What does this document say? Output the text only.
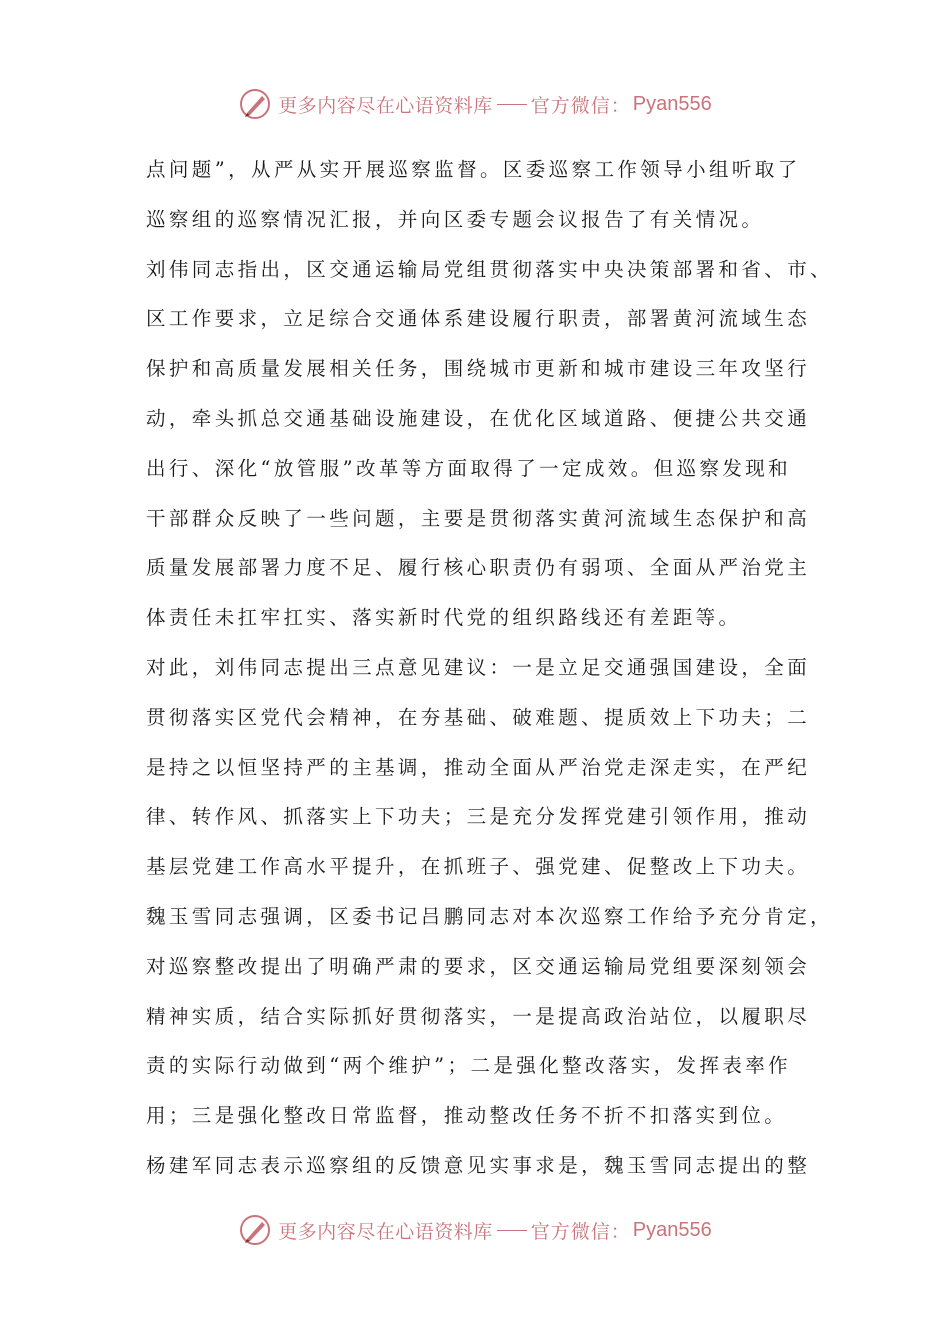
更多内容尽在心语资料库 官方微信： Pyan556
点问题”，从严从实开展巡察监督。区委巡察工作领导小组听取了
巡察组的巡察情况汇报，并向区委专题会议报告了有关情况。
刘伟同志指出，区交通运输局党组贯彻落实中央决策部署和省、市、
区工作要求，立足综合交通体系建设履行职责，部署黄河流域生态
保护和高质量发展相关任务，围绕城市更新和城市建设三年攻坚行
动，牵头抓总交通基础设施建设，在优化区域道路、便捷公共交通
出行、深化“放管服”改革等方面取得了一定成效。但巡察发现和
干部群众反映了一些问题，主要是贯彻落实黄河流域生态保护和高
质量发展部署力度不足、履行核心职责仍有弱项、全面从严治党主
体责任未扛牢扛实、落实新时代党的组织路线还有差距等。
对此，刘伟同志提出三点意见建议：一是立足交通强国建设，全面
贯彻落实区党代会精神，在夯基础、破难题、提质效上下功夫；二
是持之以恒坚持严的主基调，推动全面从严治党走深走实，在严纪
律、转作风、抓落实上下功夫；三是充分发挥党建引领作用，推动
基层党建工作高水平提升，在抓班子、强党建、促整改上下功夫。
魏玉雪同志强调，区委书记吕鹏同志对本次巡察工作给予充分肯定，
对巡察整改提出了明确严肃的要求，区交通运输局党组要深刻领会
精神实质，结合实际抓好贯彻落实，一是提高政治站位，以履职尽
责的实际行动做到“两个维护”；二是强化整改落实，发挥表率作
用；三是强化整改日常监督，推动整改任务不折不扣落实到位。
杨建军同志表示巡察组的反馈意见实事求是，魏玉雪同志提出的整
更多内容尽在心语资料库 官方微信： Pyan556
